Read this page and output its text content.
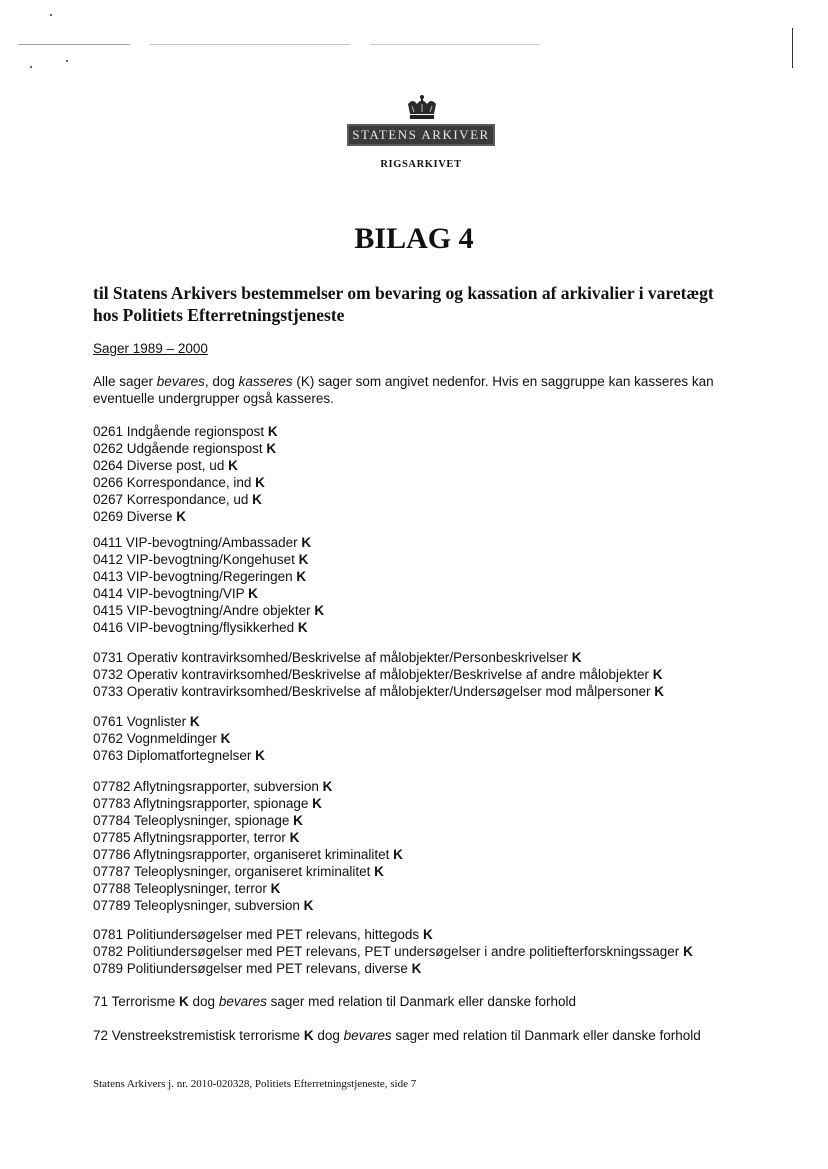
STATENS ARKIVER
RIGSARKIVET
BILAG 4
til Statens Arkivers bestemmelser om bevaring og kassation af arkivalier i varetægt hos Politiets Efterretningstjeneste
Sager 1989 – 2000
Alle sager bevares, dog kasseres (K) sager som angivet nedenfor. Hvis en saggruppe kan kasseres kan eventuelle undergrupper også kasseres.
0261 Indgående regionspost K
0262 Udgående regionspost K
0264 Diverse post, ud K
0266 Korrespondance, ind K
0267 Korrespondance, ud K
0269 Diverse K
0411 VIP-bevogtning/Ambassader K
0412 VIP-bevogtning/Kongehuset K
0413 VIP-bevogtning/Regeringen K
0414 VIP-bevogtning/VIP K
0415 VIP-bevogtning/Andre objekter K
0416 VIP-bevogtning/flysikkerhed K
0731 Operativ kontravirksomhed/Beskrivelse af målobjekter/Personbeskrivelser K
0732 Operativ kontravirksomhed/Beskrivelse af målobjekter/Beskrivelse af andre målobjekter K
0733 Operativ kontravirksomhed/Beskrivelse af målobjekter/Undersøgelser mod målpersoner K
0761 Vognlister K
0762 Vognmeldinger K
0763 Diplomatfortegnelser K
07782 Aflytningsrapporter, subversion K
07783 Aflytningsrapporter, spionage K
07784 Teleoplysninger, spionage K
07785 Aflytningsrapporter, terror K
07786 Aflytningsrapporter, organiseret kriminalitet K
07787 Teleoplysninger, organiseret kriminalitet K
07788 Teleoplysninger, terror K
07789 Teleoplysninger, subversion K
0781 Politiundersøgelser med PET relevans, hittegods K
0782 Politiundersøgelser med PET relevans, PET undersøgelser i andre politiefterforskningssager K
0789 Politiundersøgelser med PET relevans, diverse K
71 Terrorisme K dog bevares sager med relation til Danmark eller danske forhold
72 Venstreekstremistisk terrorisme K dog bevares sager med relation til Danmark eller danske forhold
Statens Arkivers j. nr. 2010-020328, Politiets Efterretningstjeneste, side 7
